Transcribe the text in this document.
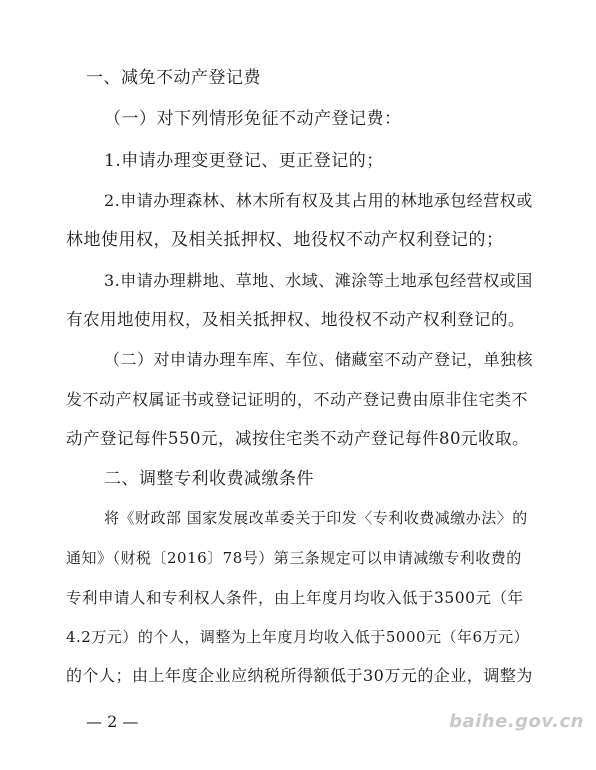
一、减免不动产登记费
（一）对下列情形免征不动产登记费：
1.申请办理变更登记、更正登记的；
2.申请办理森林、林木所有权及其占用的林地承包经营权或
林地使用权，及相关抵押权、地役权不动产权利登记的；
3.申请办理耕地、草地、水域、滩涂等土地承包经营权或国
有农用地使用权，及相关抵押权、地役权不动产权利登记的。
（二）对申请办理车库、车位、储藏室不动产登记，单独核
发不动产权属证书或登记证明的，不动产登记费由原非住宅类不
动产登记每件550元，减按住宅类不动产登记每件80元收取。
二、调整专利收费减缴条件
将《财政部 国家发展改革委关于印发〈专利收费减缴办法〉的
通知》（财税〔2016〕78号）第三条规定可以申请减缴专利收费的
专利申请人和专利权人条件，由上年度月均收入低于3500元（年
4.2万元）的个人，调整为上年度月均收入低于5000元（年6万元）
的个人；由上年度企业应纳税所得额低于30万元的企业，调整为
— 2 —	baihe.gov.cn
